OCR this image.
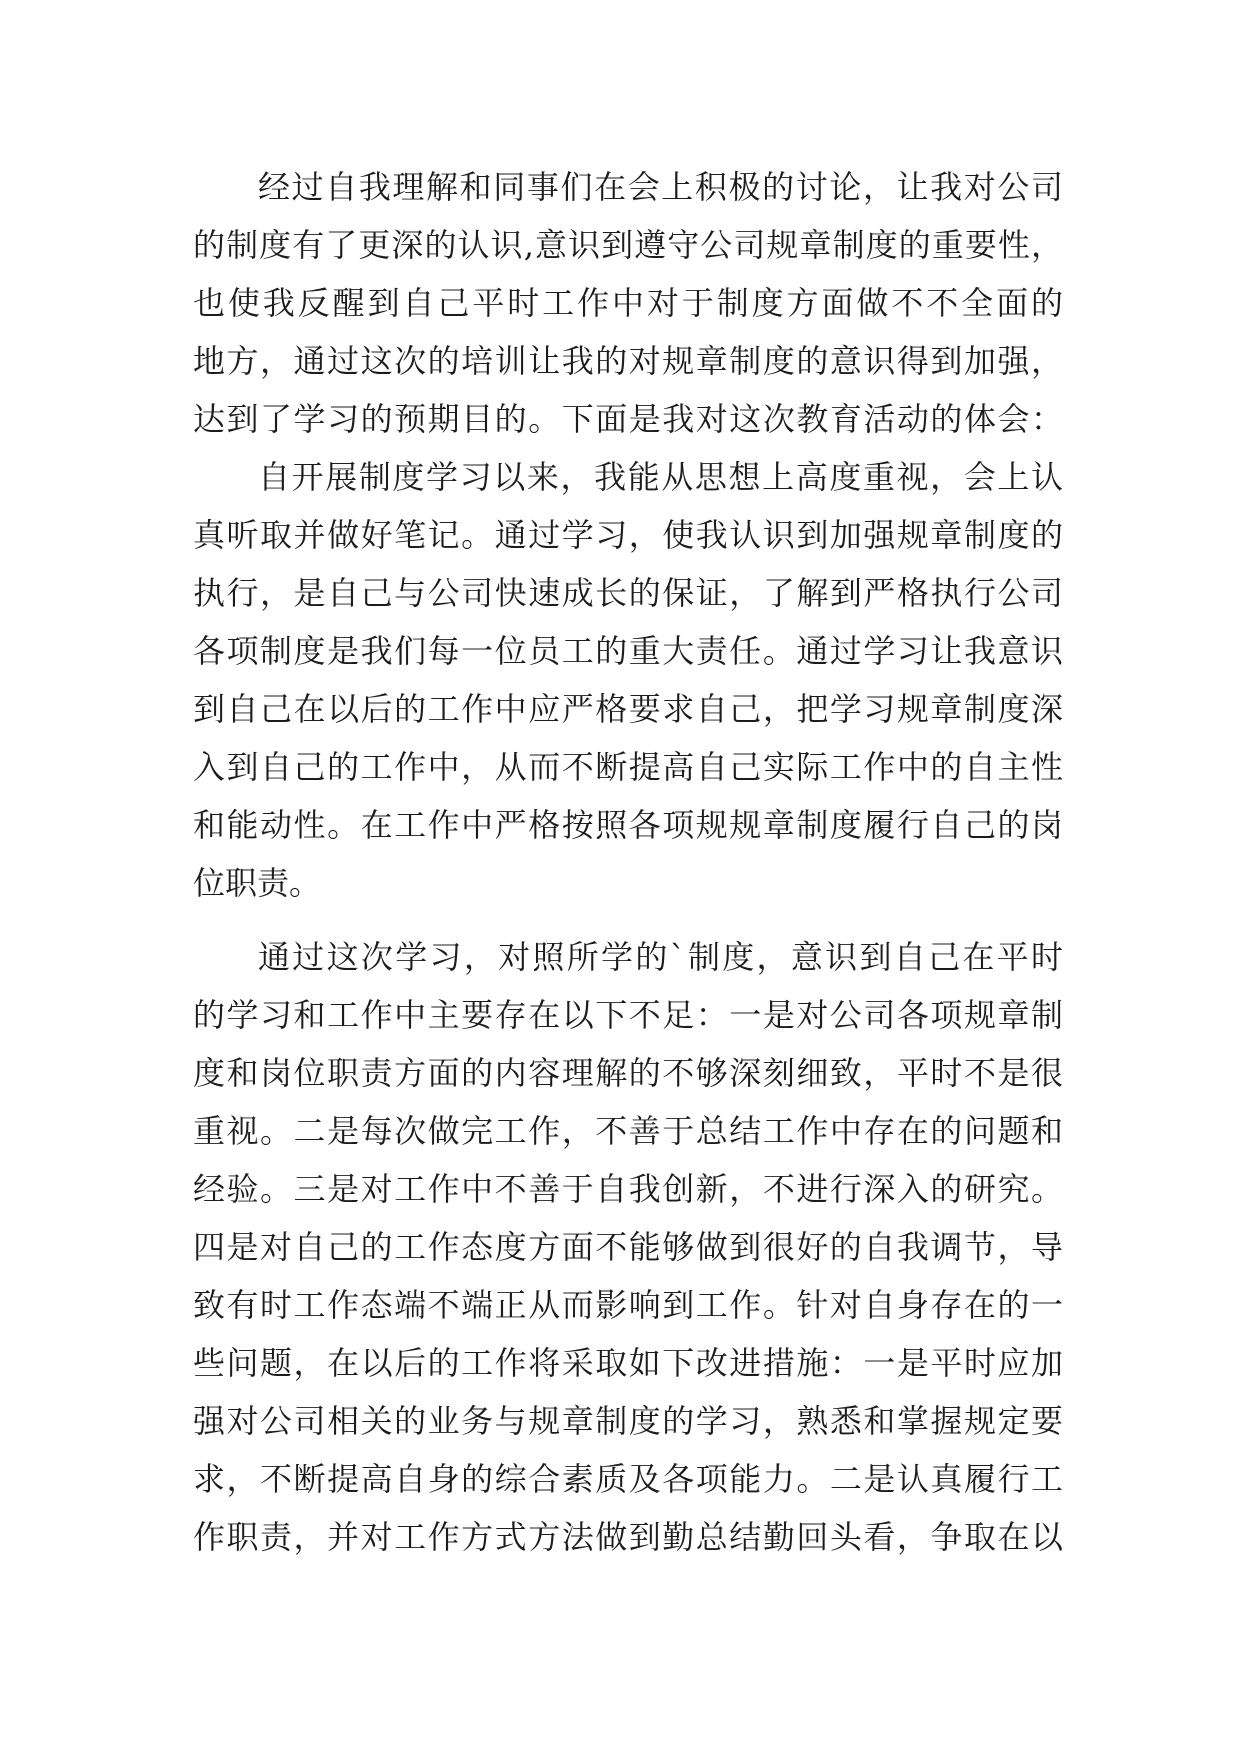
经过自我理解和同事们在会上积极的讨论，让我对公司
的制度有了更深的认识,意识到遵守公司规章制度的重要性，
也使我反醒到自己平时工作中对于制度方面做不不全面的
地方，通过这次的培训让我的对规章制度的意识得到加强，
达到了学习的预期目的。下面是我对这次教育活动的体会：
自开展制度学习以来，我能从思想上高度重视，会上认
真听取并做好笔记。通过学习，使我认识到加强规章制度的
执行，是自己与公司快速成长的保证，了解到严格执行公司
各项制度是我们每一位员工的重大责任。通过学习让我意识
到自己在以后的工作中应严格要求自己，把学习规章制度深
入到自己的工作中，从而不断提高自己实际工作中的自主性
和能动性。在工作中严格按照各项规规章制度履行自己的岗
位职责。
通过这次学习，对照所学的`制度，意识到自己在平时
的学习和工作中主要存在以下不足：一是对公司各项规章制
度和岗位职责方面的内容理解的不够深刻细致，平时不是很
重视。二是每次做完工作，不善于总结工作中存在的问题和
经验。三是对工作中不善于自我创新，不进行深入的研究。
四是对自己的工作态度方面不能够做到很好的自我调节，导
致有时工作态端不端正从而影响到工作。针对自身存在的一
些问题，在以后的工作将采取如下改进措施：一是平时应加
强对公司相关的业务与规章制度的学习，熟悉和掌握规定要
求，不断提高自身的综合素质及各项能力。二是认真履行工
作职责，并对工作方式方法做到勤总结勤回头看，争取在以
